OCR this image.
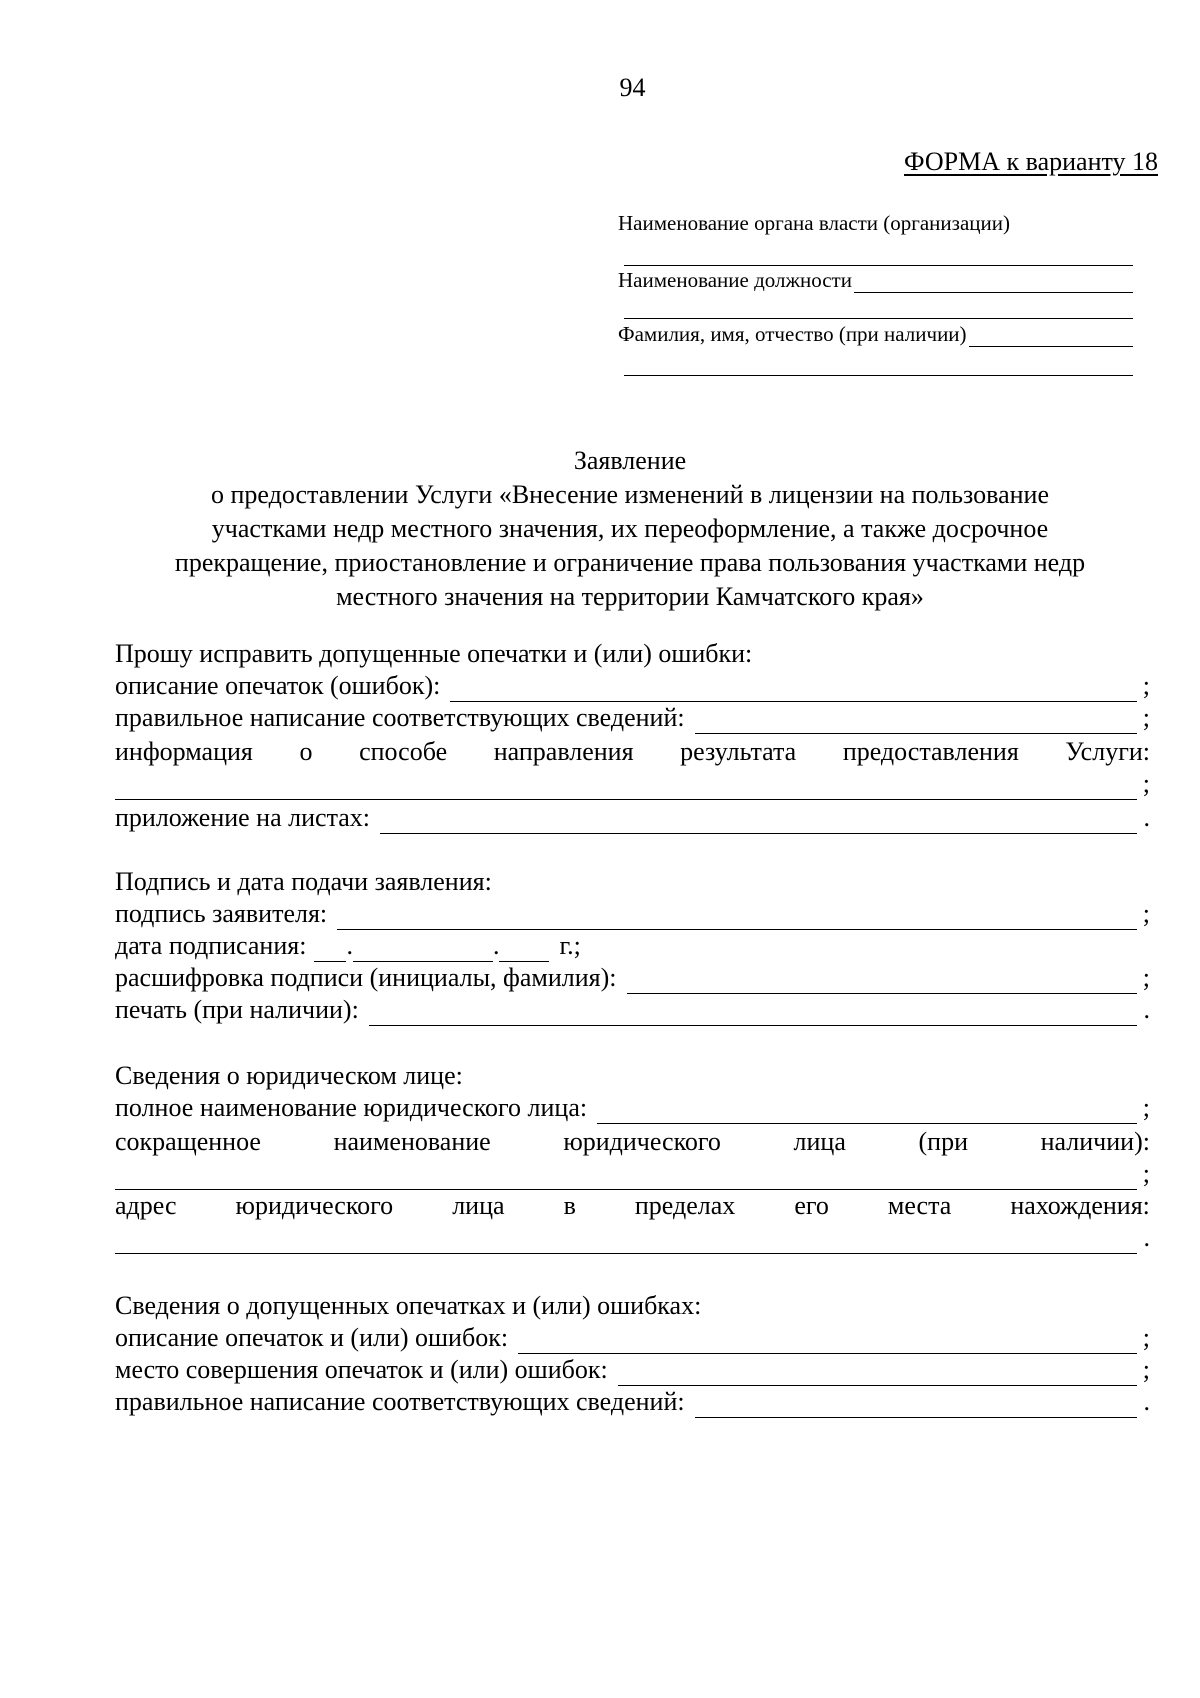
94
ФОРМА к варианту 18
Наименование органа власти (организации)
Наименование должности
Фамилия, имя, отчество (при наличии)
Заявление
о предоставлении Услуги «Внесение изменений в лицензии на пользование
участками недр местного значения, их переоформление, а также досрочное
прекращение, приостановление и ограничение права пользования участками недр
местного значения на территории Камчатского края»
Прошу исправить допущенные опечатки и (или) ошибки:
описание опечаток (ошибок):	;
правильное написание соответствующих сведений:	;
информация о способе направления результата предоставления Услуги:
;
приложение на листах:	.
Подпись и дата подачи заявления:
подпись заявителя:	;
дата подписания: .	. г.;
расшифровка подписи (инициалы, фамилия):	;
печать (при наличии):	.
Сведения о юридическом лице:
полное наименование юридического лица:	;
сокращенное	наименование	юридического	лица	(при	наличии):
;
адрес юридического лица в пределах его места нахождения:
.
Сведения о допущенных опечатках и (или) ошибках:
описание опечаток и (или) ошибок:	;
место совершения опечаток и (или) ошибок:	;
правильное написание соответствующих сведений:	.
